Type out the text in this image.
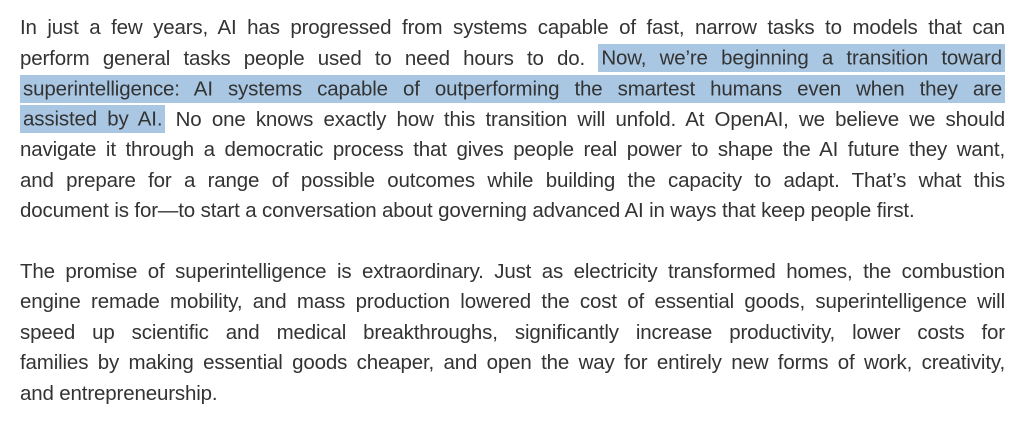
In just a few years, AI has progressed from systems capable of fast, narrow tasks to models that can
perform general tasks people used to need hours to do. Now, we’re beginning a transition toward
superintelligence: AI systems capable of outperforming the smartest humans even when they are
assisted by AI. No one knows exactly how this transition will unfold. At OpenAI, we believe we should
navigate it through a democratic process that gives people real power to shape the AI future they want,
and prepare for a range of possible outcomes while building the capacity to adapt. That’s what this
document is for—to start a conversation about governing advanced AI in ways that keep people first.
The promise of superintelligence is extraordinary. Just as electricity transformed homes, the combustion
engine remade mobility, and mass production lowered the cost of essential goods, superintelligence will
speed up scientific and medical breakthroughs, significantly increase productivity, lower costs for
families by making essential goods cheaper, and open the way for entirely new forms of work, creativity,
and entrepreneurship.
